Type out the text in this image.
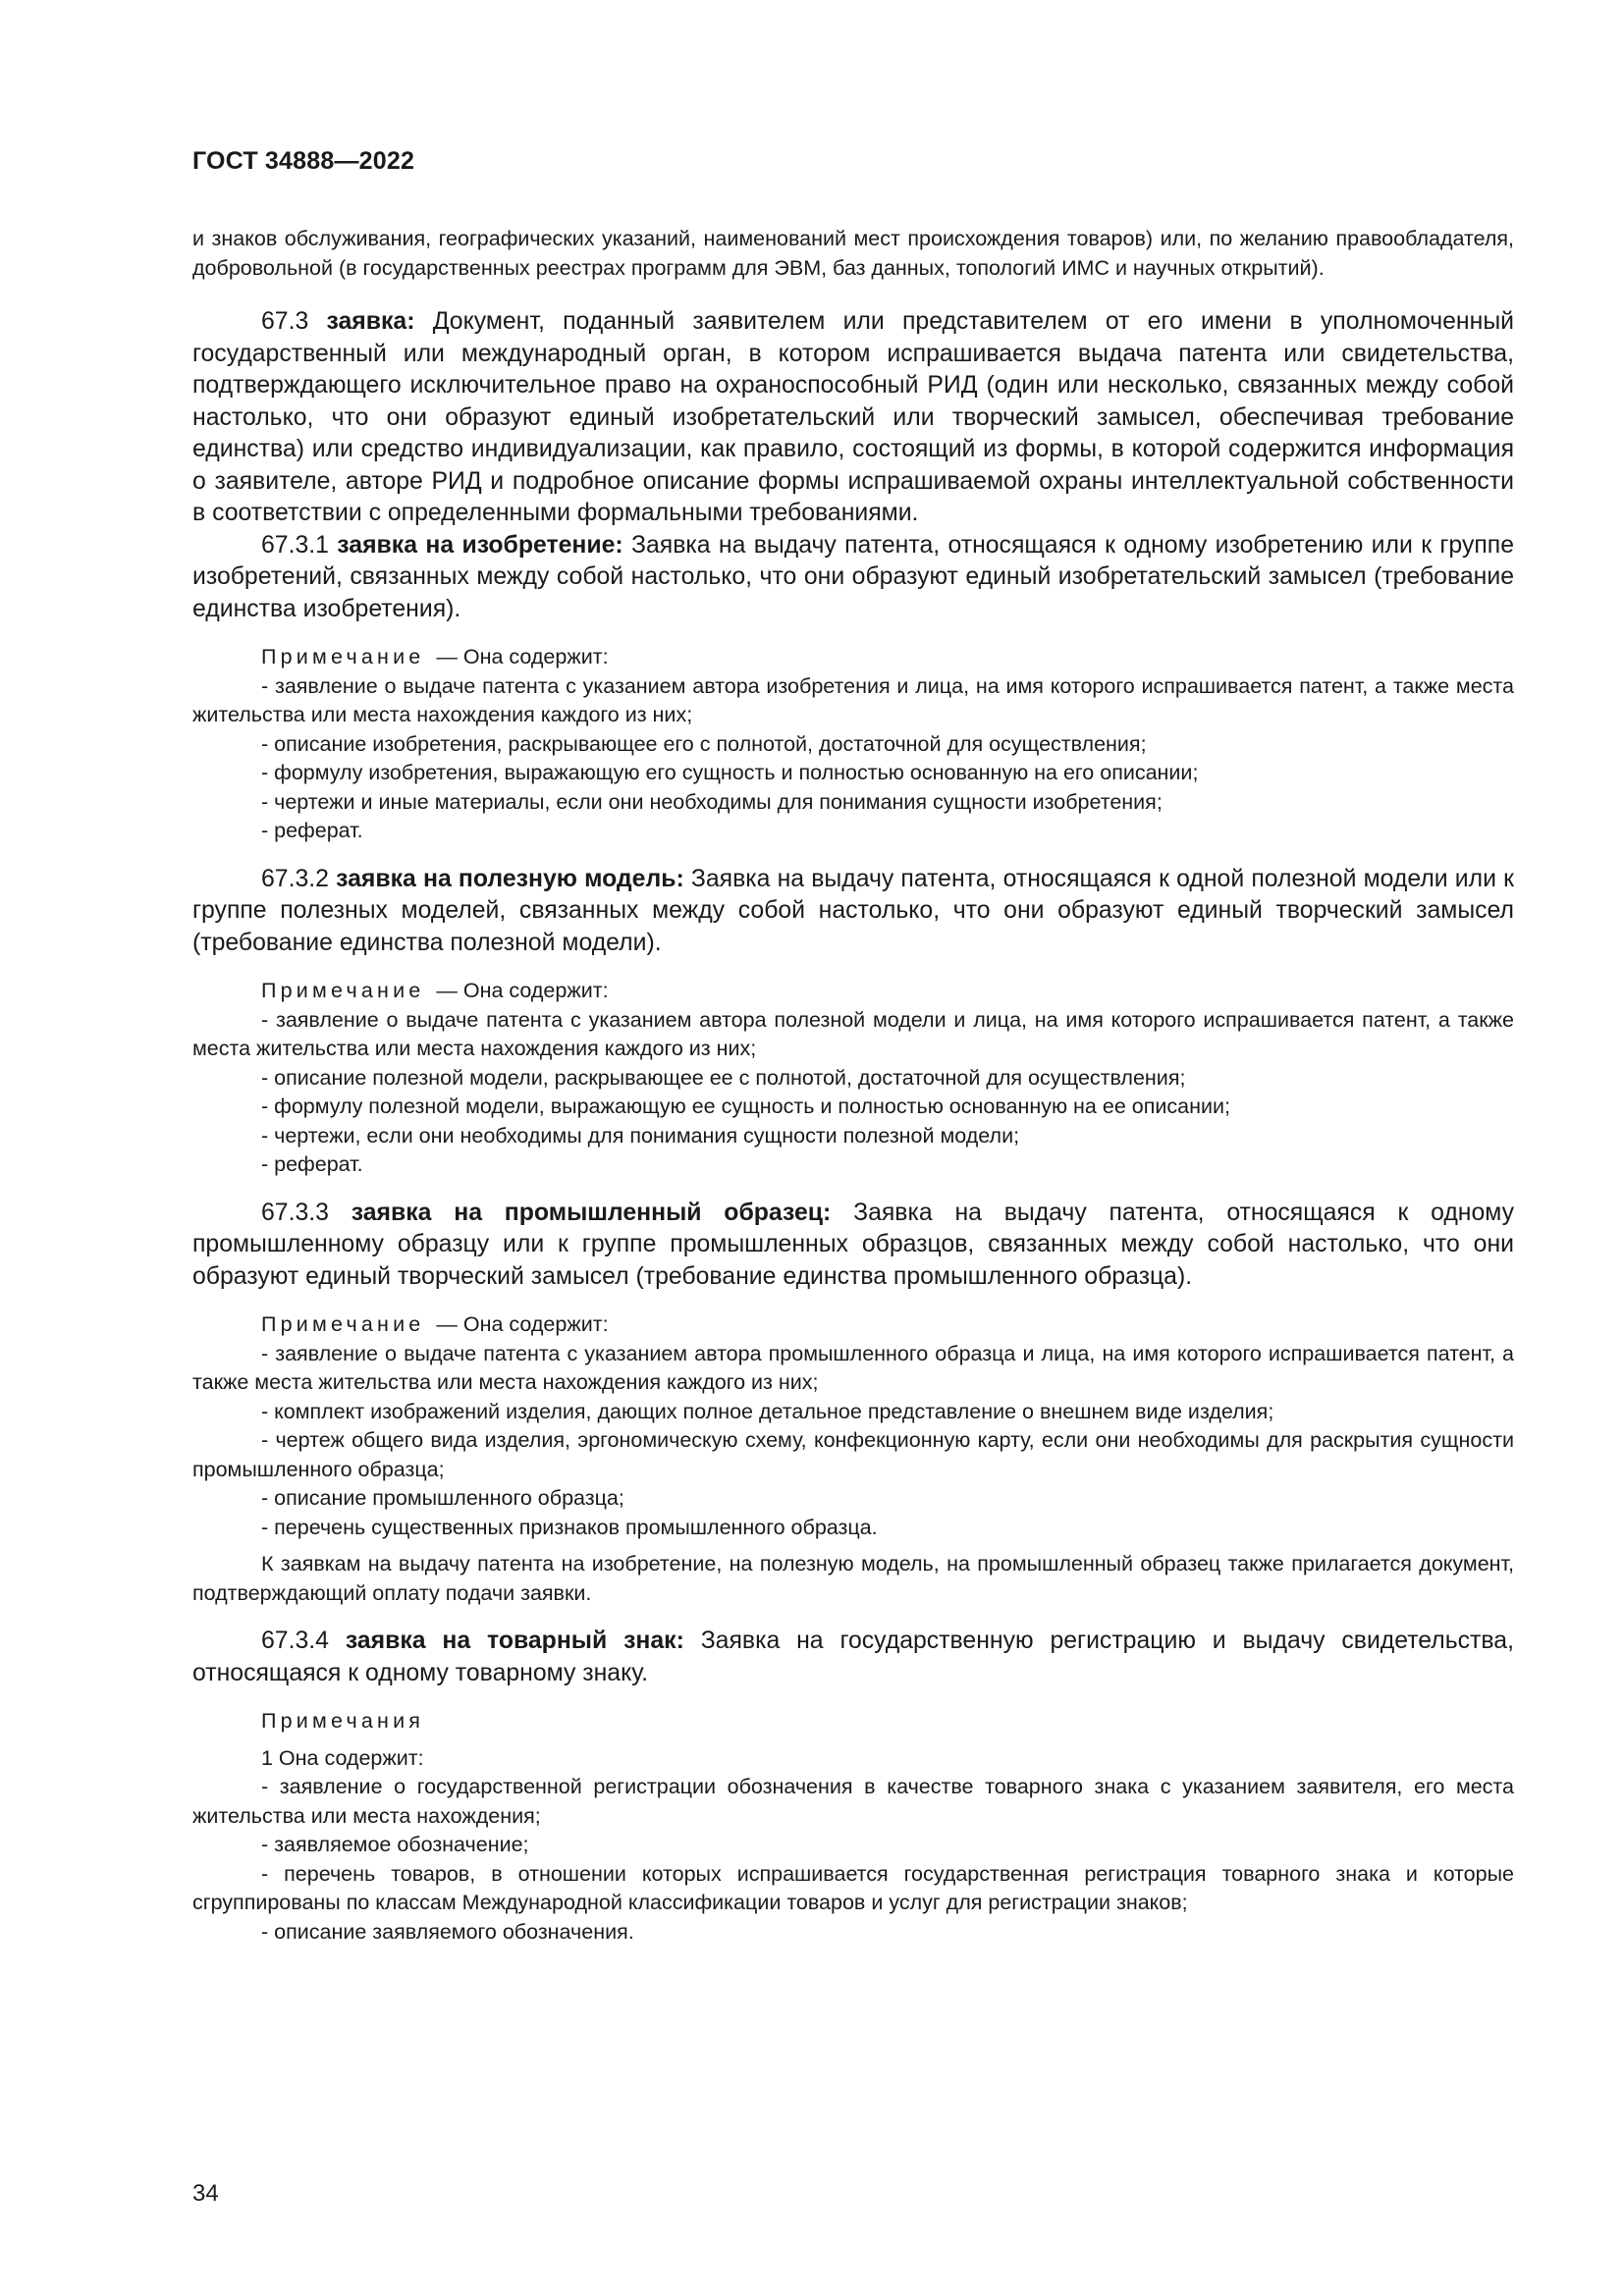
ГОСТ 34888—2022

и знаков обслуживания, географических указаний, наименований мест происхождения товаров) или, по желанию правообладателя, добровольной (в государственных реестрах программ для ЭВМ, баз данных, топологий ИМС и научных открытий).

67.3 заявка: Документ, поданный заявителем или представителем от его имени в уполномоченный государственный или международный орган, в котором испрашивается выдача патента или свидетельства, подтверждающего исключительное право на охраноспособный РИД (один или несколько, связанных между собой настолько, что они образуют единый изобретательский или творческий замысел, обеспечивая требование единства) или средство индивидуализации, как правило, состоящий из формы, в которой содержится информация о заявителе, авторе РИД и подробное описание формы испрашиваемой охраны интеллектуальной собственности в соответствии с определенными формальными требованиями.

67.3.1 заявка на изобретение: Заявка на выдачу патента, относящаяся к одному изобретению или к группе изобретений, связанных между собой настолько, что они образуют единый изобретательский замысел (требование единства изобретения).

Примечание — Она содержит:

- заявление о выдаче патента с указанием автора изобретения и лица, на имя которого испрашивается патент, а также места жительства или места нахождения каждого из них;

- описание изобретения, раскрывающее его с полнотой, достаточной для осуществления;

- формулу изобретения, выражающую его сущность и полностью основанную на его описании;

- чертежи и иные материалы, если они необходимы для понимания сущности изобретения;

- реферат.

67.3.2 заявка на полезную модель: Заявка на выдачу патента, относящаяся к одной полезной модели или к группе полезных моделей, связанных между собой настолько, что они образуют единый творческий замысел (требование единства полезной модели).

Примечание — Она содержит:

- заявление о выдаче патента с указанием автора полезной модели и лица, на имя которого испрашивается патент, а также места жительства или места нахождения каждого из них;

- описание полезной модели, раскрывающее ее с полнотой, достаточной для осуществления;

- формулу полезной модели, выражающую ее сущность и полностью основанную на ее описании;

- чертежи, если они необходимы для понимания сущности полезной модели;

- реферат.

67.3.3 заявка на промышленный образец: Заявка на выдачу патента, относящаяся к одному промышленному образцу или к группе промышленных образцов, связанных между собой настолько, что они образуют единый творческий замысел (требование единства промышленного образца).

Примечание — Она содержит:

- заявление о выдаче патента с указанием автора промышленного образца и лица, на имя которого испрашивается патент, а также места жительства или места нахождения каждого из них;

- комплект изображений изделия, дающих полное детальное представление о внешнем виде изделия;

- чертеж общего вида изделия, эргономическую схему, конфекционную карту, если они необходимы для раскрытия сущности промышленного образца;

- описание промышленного образца;

- перечень существенных признаков промышленного образца.

К заявкам на выдачу патента на изобретение, на полезную модель, на промышленный образец также прилагается документ, подтверждающий оплату подачи заявки.

67.3.4 заявка на товарный знак: Заявка на государственную регистрацию и выдачу свидетельства, относящаяся к одному товарному знаку.

Примечания

1 Она содержит:

- заявление о государственной регистрации обозначения в качестве товарного знака с указанием заявителя, его места жительства или места нахождения;

- заявляемое обозначение;

- перечень товаров, в отношении которых испрашивается государственная регистрация товарного знака и которые сгруппированы по классам Международной классификации товаров и услуг для регистрации знаков;

- описание заявляемого обозначения.

34
